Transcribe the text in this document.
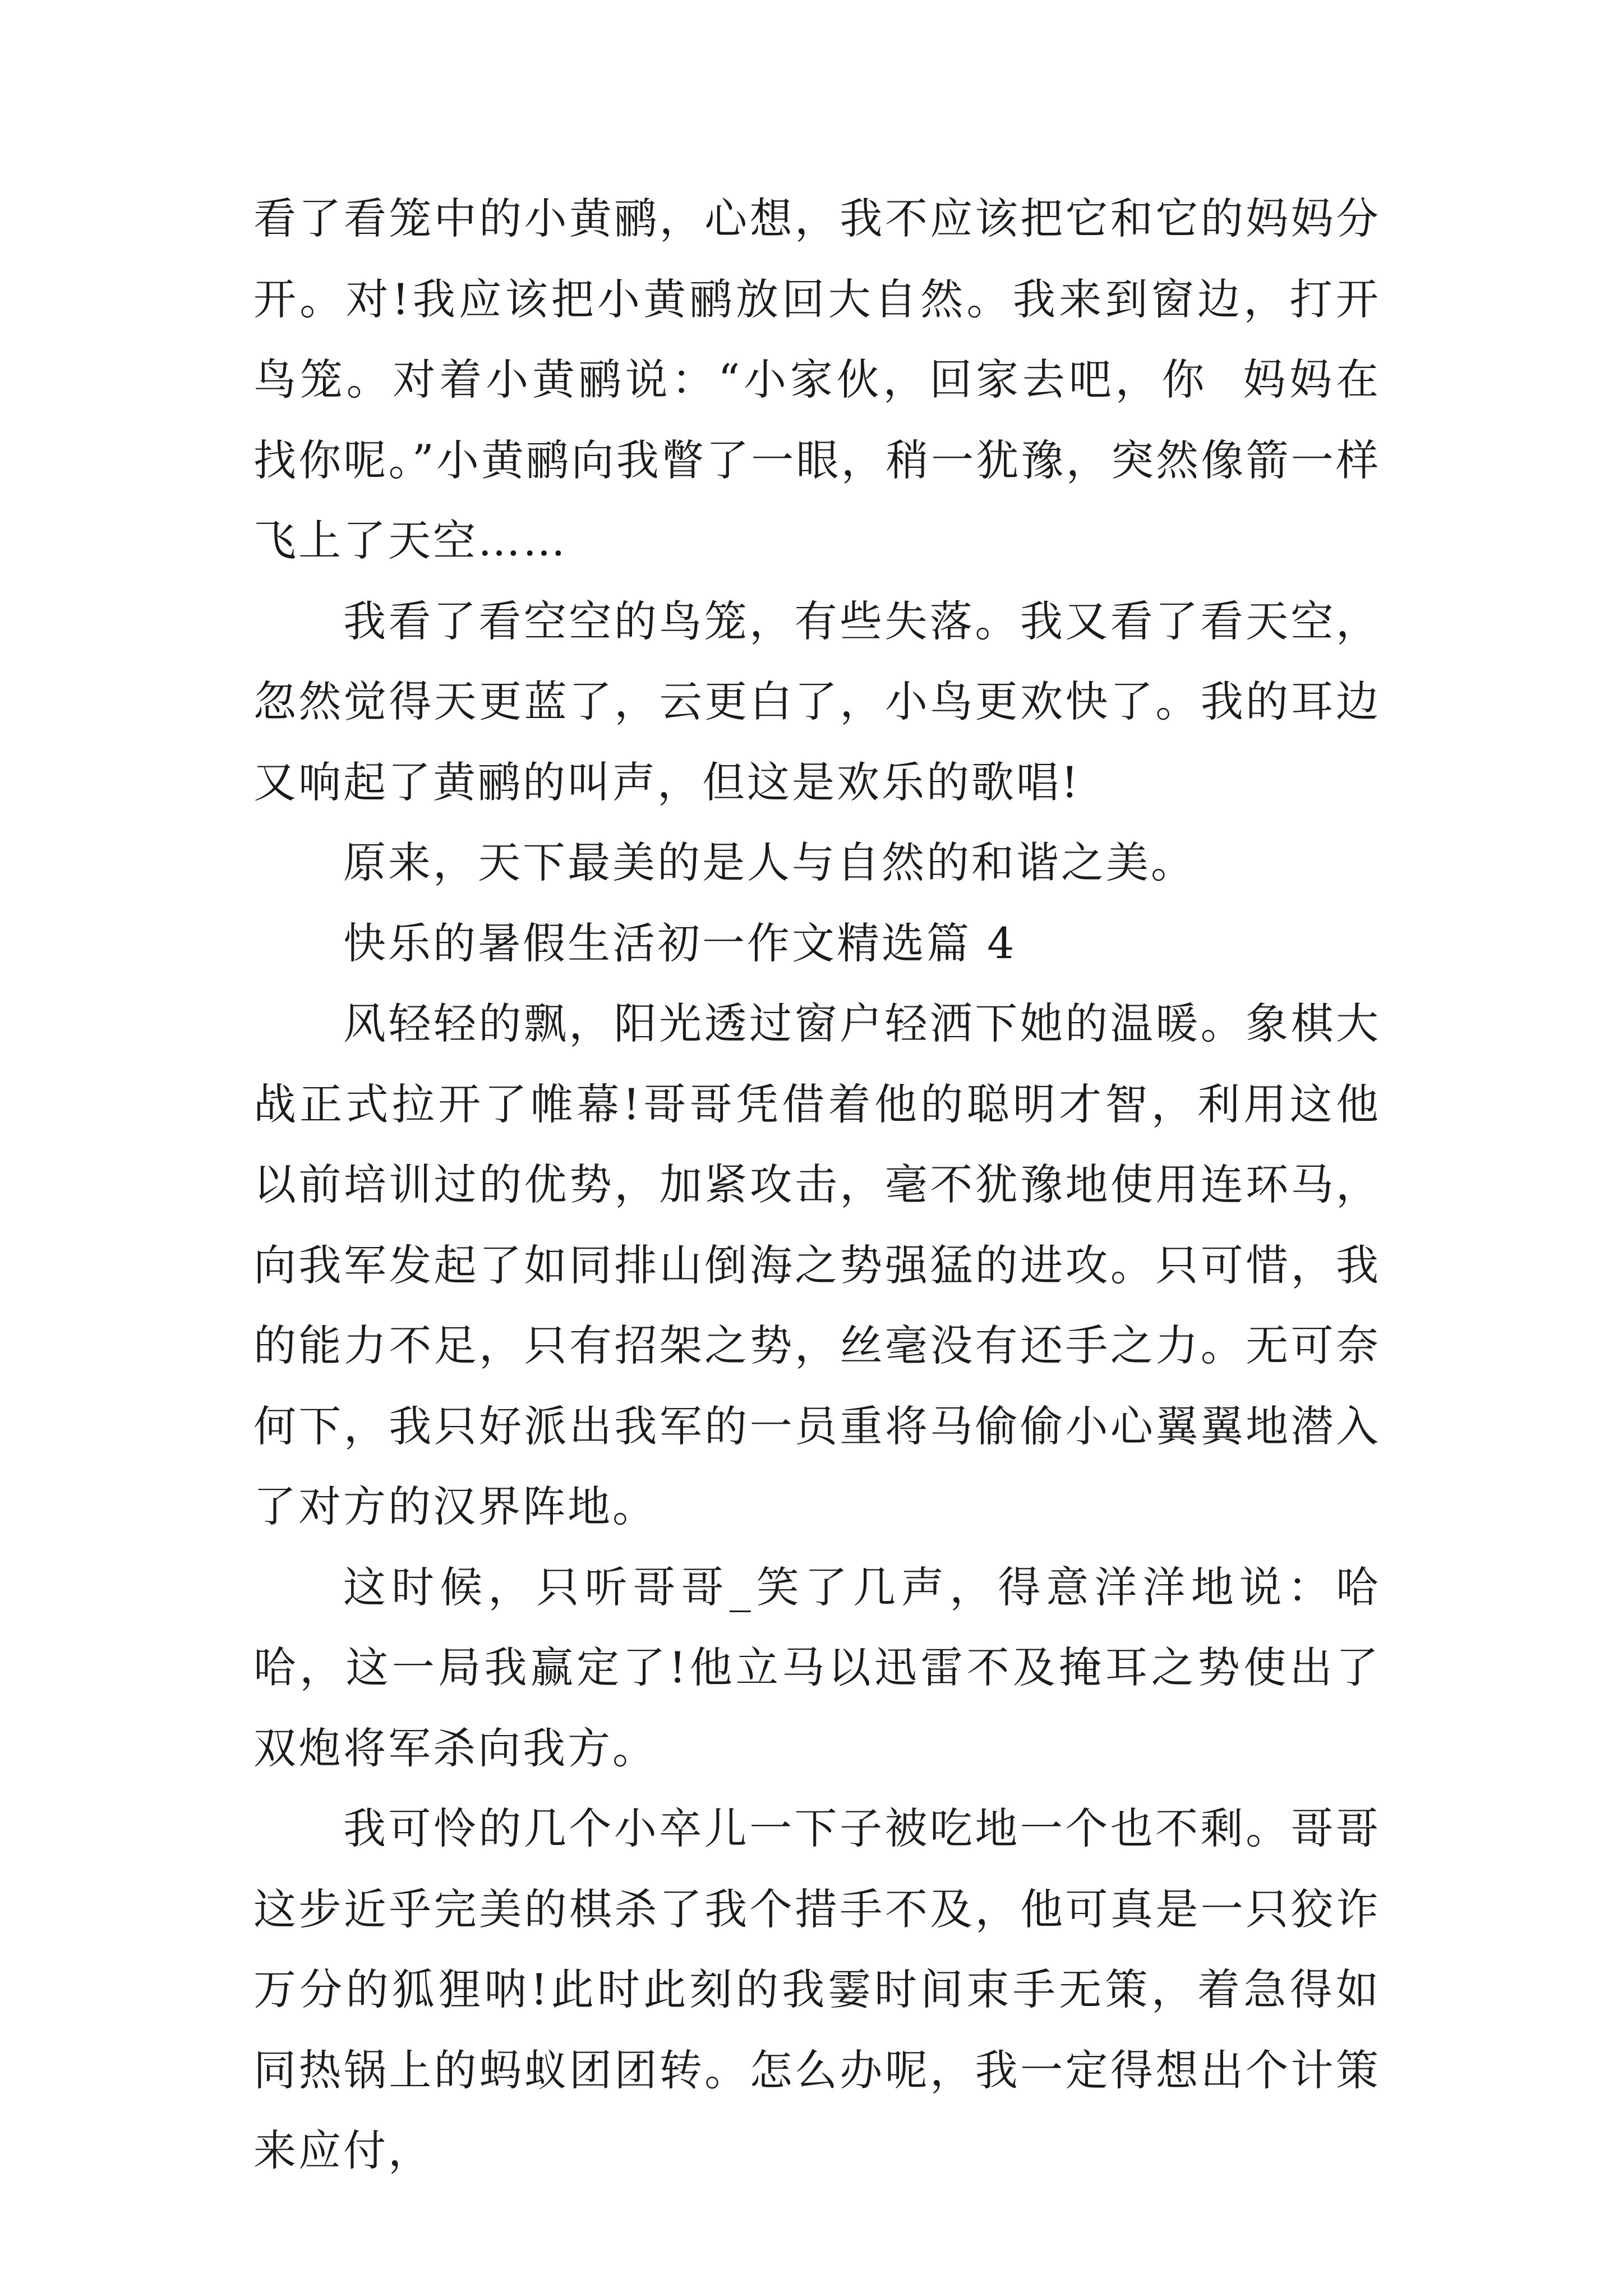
看了看笼中的小黄鹂，心想，我不应该把它和它的妈妈分开。对!我应该把小黄鹂放回大自然。我来到窗边，打开鸟笼。对着小黄鹂说：“小家伙，回家去吧，你  妈妈在找你呢。”小黄鹂向我瞥了一眼，稍一犹豫，突然像箭一样飞上了天空……

我看了看空空的鸟笼，有些失落。我又看了看天空，忽然觉得天更蓝了，云更白了，小鸟更欢快了。我的耳边又响起了黄鹂的叫声，但这是欢乐的歌唱!

原来，天下最美的是人与自然的和谐之美。

快乐的暑假生活初一作文精选篇 4

风轻轻的飘，阳光透过窗户轻洒下她的温暖。象棋大战正式拉开了帷幕!哥哥凭借着他的聪明才智，利用这他以前培训过的优势，加紧攻击，毫不犹豫地使用连环马，向我军发起了如同排山倒海之势强猛的进攻。只可惜，我的能力不足，只有招架之势，丝毫没有还手之力。无可奈何下，我只好派出我军的一员重将马偷偷小心翼翼地潜入了对方的汉界阵地。

这时候，只听哥哥_笑了几声，得意洋洋地说：哈哈，这一局我赢定了!他立马以迅雷不及掩耳之势使出了双炮将军杀向我方。

我可怜的几个小卒儿一下子被吃地一个也不剩。哥哥这步近乎完美的棋杀了我个措手不及，他可真是一只狡诈万分的狐狸呐!此时此刻的我霎时间束手无策，着急得如同热锅上的蚂蚁团团转。怎么办呢，我一定得想出个计策来应付，
